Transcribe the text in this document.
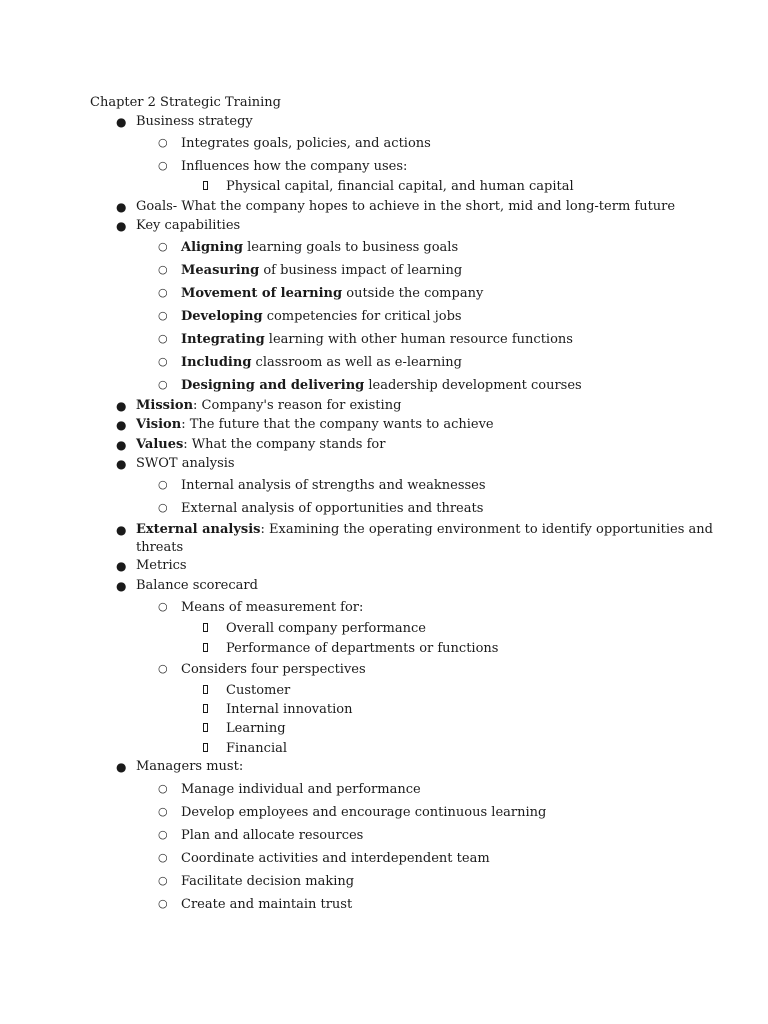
Chapter 2 Strategic Training
● Business strategy
○ Integrates goals, policies, and actions
○ Influences how the company uses:
Physical capital, financial capital, and human capital
● Goals- What the company hopes to achieve in the short, mid and long-term future
● Key capabilities
○ Aligning learning goals to business goals
○ Measuring of business impact of learning
○ Movement of learning outside the company
○ Developing competencies for critical jobs
○ Integrating learning with other human resource functions
○ Including classroom as well as e-learning
○ Designing and delivering leadership development courses
● Mission: Company's reason for existing
● Vision: The future that the company wants to achieve
● Values: What the company stands for
● SWOT analysis
○ Internal analysis of strengths and weaknesses
○ External analysis of opportunities and threats
● External analysis: Examining the operating environment to identify opportunities and
threats
● Metrics
● Balance scorecard
○ Means of measurement for:
Overall company performance
Performance of departments or functions
○ Considers four perspectives
Customer
Internal innovation
Learning
Financial
● Managers must:
○ Manage individual and performance
○ Develop employees and encourage continuous learning
○ Plan and allocate resources
○ Coordinate activities and interdependent team
○ Facilitate decision making
○ Create and maintain trust
